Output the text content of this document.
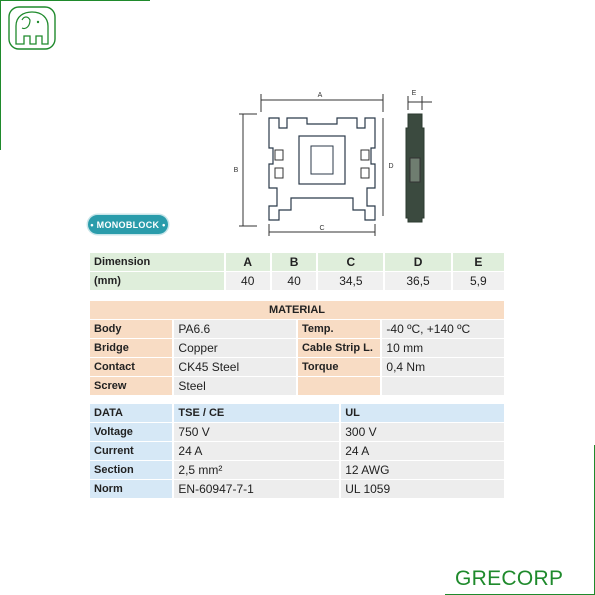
A
B
C
D
E
• MONOBLOCK •
Dimension	A	B	C	D	E
(mm)	40	40	34,5	36,5	5,9
MATERIAL			
Body	PA6.6	Temp.	-40 ºC, +140 ºC
Bridge	Copper	Cable Strip L.	10 mm
Contact	CK45 Steel	Torque	0,4 Nm
Screw	Steel		
DATA	TSE / CE	UL
Voltage	750 V	300 V
Current	24 A	24 A
Section	2,5 mm²	12 AWG
Norm	EN-60947-7-1	UL 1059
GRECORP
